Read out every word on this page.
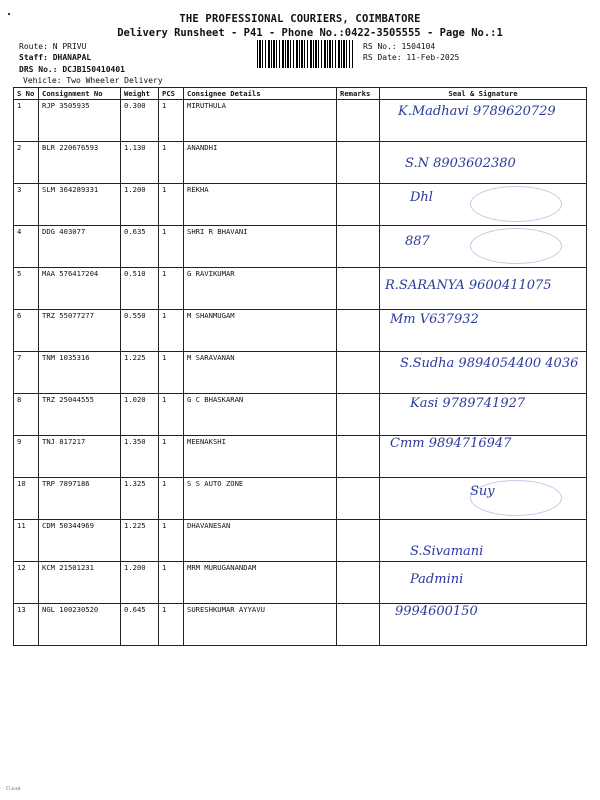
THE PROFESSIONAL COURIERS, COIMBATORE
Delivery Runsheet - P41 - Phone No.:0422-3505555 - Page No.:1
Route: N PRIVU
Staff: DHANAPAL
DRS No.: DCJB150410401
Vehicle: Two Wheeler Delivery
RS No.: 1504104
RS Date: 11-Feb-2025
S No	Consignment No	Weight	PCS	Consignee Details	Remarks	Seal & Signature
1	RJP 3505935	0.300	1	MIRUTHULA		K.Madhavi 9789620729

2	BLR 220676593	1.130	1	ANANDHI		S.N 8903602380

3	SLM 364289331	1.200	1	REKHA		Dhl

4	DDG 403077	0.635	1	SHRI R BHAVANI		887

5	MAA 576417204	0.510	1	G RAVIKUMAR		R.SARANYA 9600411075

6	TRZ 55077277	0.550	1	M SHANMUGAM		Mm V637932

7	TNM 1035316	1.225	1	M SARAVANAN		S.Sudha 9894054400 4036

8	TRZ 25044555	1.020	1	G C BHASKARAN		Kasi 9789741927

9	TNJ 817217	1.350	1	MEENAKSHI		Cmm 9894716947

10	TRP 7897186	1.325	1	S S AUTO ZONE		Suy

11	CDM 50344969	1.225	1	DHAVANESAN		S.Sivamani

12	KCM 21501231	1.200	1	MRM MURUGANANDAM		Padmini

13	NGL 100230520	0.645	1	SURESHKUMAR AYYAVU		9994600150
Clinsd
